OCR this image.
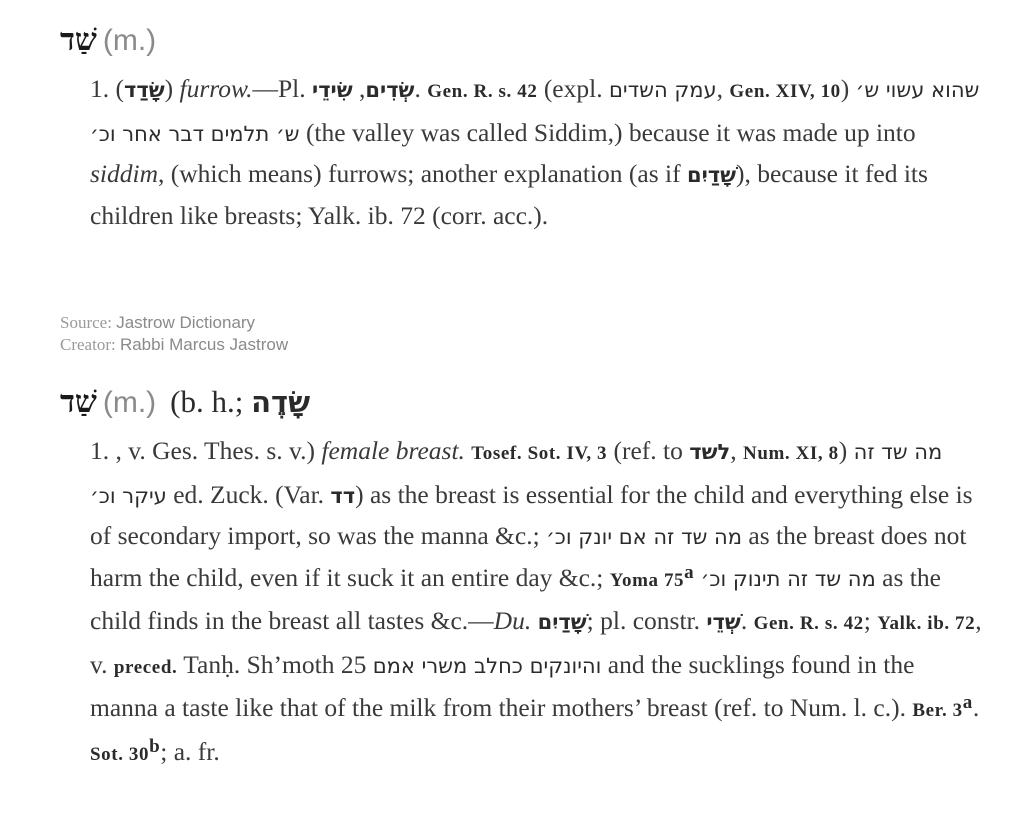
שַׁד (m.)
1. (שָׂדַד) furrow.—Pl.	שְׂדִים, שִׂידֵי . Gen. R. s. 42 (expl. עמק השדים, Gen. XIV, 10) שהוא עשוי ש׳ ש׳ תלמים דבר אחר וכ׳ (the valley was called Siddim,) because it was made up into siddim, (which means) furrows; another explanation (as if שָׁדַיִם), because it fed its children like breasts; Yalk. ib. 72 (corr. acc.).
Source: Jastrow Dictionary
Creator: Rabbi Marcus Jastrow
שַׁד (m.) (b. h.; שָׂדֶה
1. , v. Ges. Thes. s. v.) female breast. Tosef. Sot. IV, 3 (ref. to לשד, Num. XI, 8) מה שד זה עיקר וכ׳ ed. Zuck. (Var. דד) as the breast is essential for the child and everything else is of secondary import, so was the manna &c.; מה שד זה אם יונק וכ׳ as the breast does not harm the child, even if it suck it an entire day &c.; Yoma 75$^a$ מה שד זה תינוק וכ׳ as the child finds in the breast all tastes &c.—Du. שָׁדַיִם; pl. constr. שְׁדֵי. Gen. R. s. 42; Yalk. ib. 72, v. preced. Tanḥ. Sh’moth 25 והיונקים כחלב משרי אמם and the sucklings found in the manna a taste like that of the milk from their mothers’ breast (ref. to Num. l. c.). Ber. 3$^a$. Sot. 30$^b$; a. fr.
